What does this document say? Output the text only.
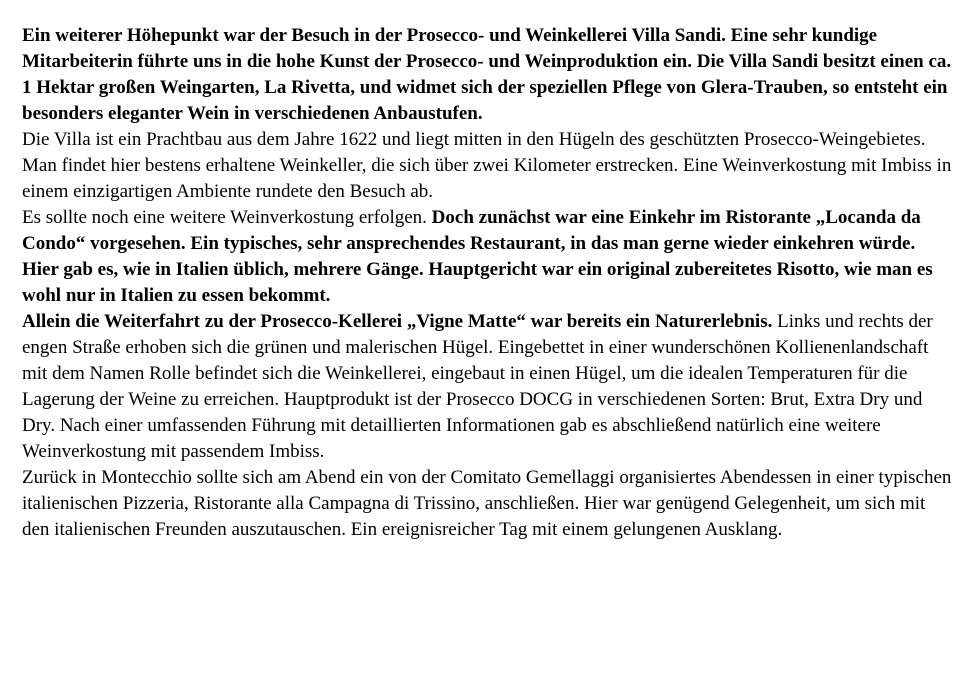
Ein weiterer Höhepunkt war der Besuch in der Prosecco- und Weinkellerei Villa Sandi. Eine sehr kundige Mitarbeiterin führte uns in die hohe Kunst der Prosecco- und Weinproduktion ein. Die Villa Sandi besitzt einen ca. 1 Hektar großen Weingarten, La Rivetta, und widmet sich der speziellen Pflege von Glera-Trauben, so entsteht ein besonders eleganter Wein in verschiedenen Anbaustufen.

Die Villa ist ein Prachtbau aus dem Jahre 1622 und liegt mitten in den Hügeln des geschützten Prosecco-Weingebietes. Man findet hier bestens erhaltene Weinkeller, die sich über zwei Kilometer erstrecken. Eine Weinverkostung mit Imbiss in einem einzigartigen Ambiente rundete den Besuch ab.

Es sollte noch eine weitere Weinverkostung erfolgen. Doch zunächst war eine Einkehr im Ristorante „Locanda da Condo“ vorgesehen. Ein typisches, sehr ansprechendes Restaurant, in das man gerne wieder einkehren würde. Hier gab es, wie in Italien üblich, mehrere Gänge. Hauptgericht war ein original zubereitetes Risotto, wie man es wohl nur in Italien zu essen bekommt.

Allein die Weiterfahrt zu der Prosecco-Kellerei „Vigne Matte“ war bereits ein Naturerlebnis. Links und rechts der engen Straße erhoben sich die grünen und malerischen Hügel. Eingebettet in einer wunderschönen Kollienenlandschaft mit dem Namen Rolle befindet sich die Weinkellerei, eingebaut in einen Hügel, um die idealen Temperaturen für die Lagerung der Weine zu erreichen. Hauptprodukt ist der Prosecco DOCG in verschiedenen Sorten: Brut, Extra Dry und Dry. Nach einer umfassenden Führung mit detaillierten Informationen gab es abschließend natürlich eine weitere Weinverkostung mit passendem Imbiss.

Zurück in Montecchio sollte sich am Abend ein von der Comitato Gemellaggi organisiertes Abendessen in einer typischen italienischen Pizzeria, Ristorante alla Campagna di Trissino, anschließen. Hier war genügend Gelegenheit, um sich mit den italienischen Freunden auszutauschen. Ein ereignisreicher Tag mit einem gelungenen Ausklang.
